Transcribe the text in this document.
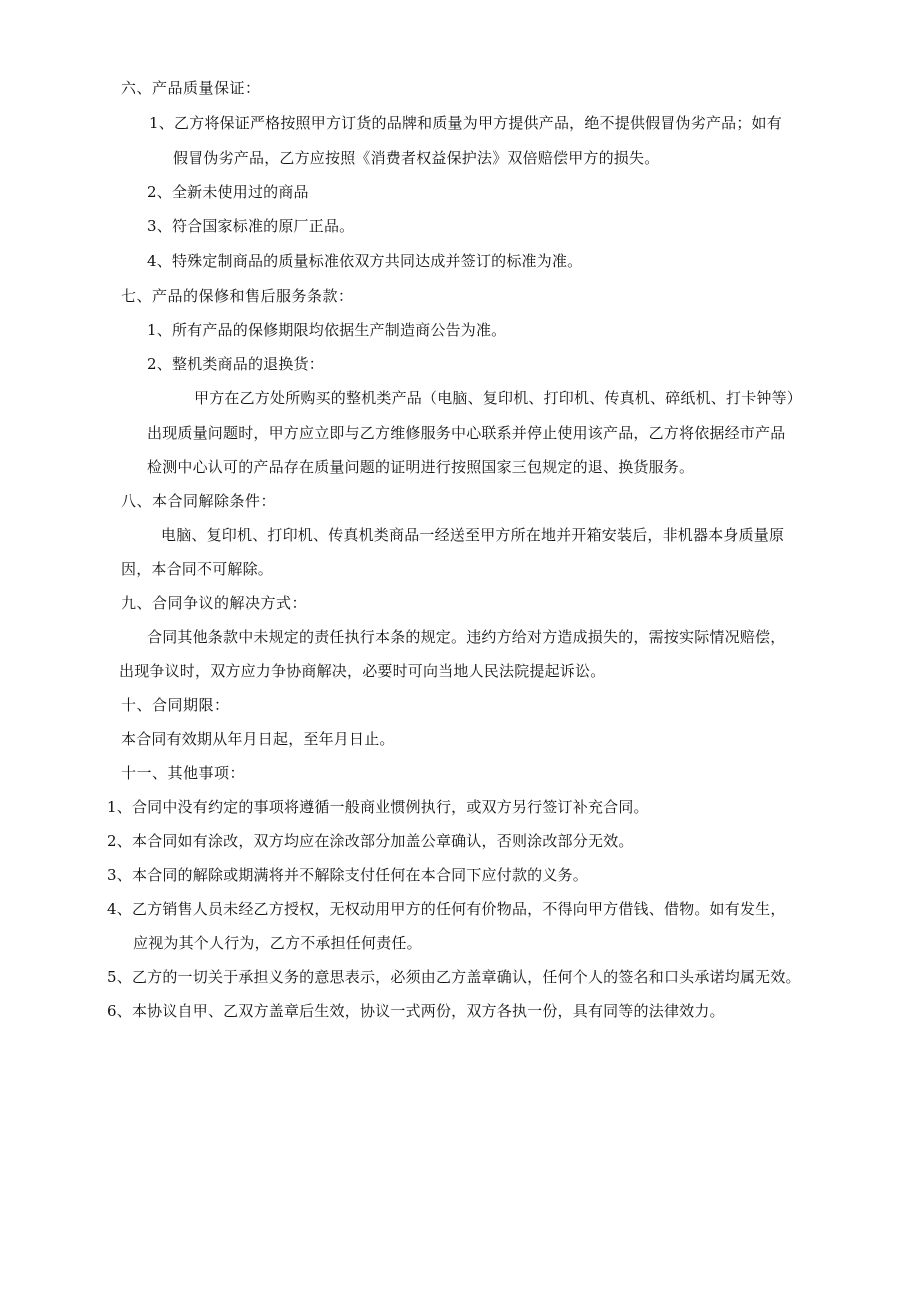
六、产品质量保证：
1、乙方将保证严格按照甲方订货的品牌和质量为甲方提供产品，绝不提供假冒伪劣产品；如有
假冒伪劣产品，乙方应按照《消费者权益保护法》双倍赔偿甲方的损失。
2、全新未使用过的商品
3、符合国家标准的原厂正品。
4、特殊定制商品的质量标准依双方共同达成并签订的标准为准。
七、产品的保修和售后服务条款：
1、所有产品的保修期限均依据生产制造商公告为准。
2、整机类商品的退换货：
甲方在乙方处所购买的整机类产品（电脑、复印机、打印机、传真机、碎纸机、打卡钟等）
出现质量问题时，甲方应立即与乙方维修服务中心联系并停止使用该产品，乙方将依据经市产品
检测中心认可的产品存在质量问题的证明进行按照国家三包规定的退、换货服务。
八、本合同解除条件：
电脑、复印机、打印机、传真机类商品一经送至甲方所在地并开箱安装后，非机器本身质量原
因，本合同不可解除。
九、合同争议的解决方式：
合同其他条款中未规定的责任执行本条的规定。违约方给对方造成损失的，需按实际情况赔偿，
出现争议时，双方应力争协商解决，必要时可向当地人民法院提起诉讼。
十、合同期限：
本合同有效期从年月日起，至年月日止。
十一、其他事项：
1、合同中没有约定的事项将遵循一般商业惯例执行，或双方另行签订补充合同。
2、本合同如有涂改，双方均应在涂改部分加盖公章确认，否则涂改部分无效。
3、本合同的解除或期满将并不解除支付任何在本合同下应付款的义务。
4、乙方销售人员未经乙方授权，无权动用甲方的任何有价物品，不得向甲方借钱、借物。如有发生，
应视为其个人行为，乙方不承担任何责任。
5、乙方的一切关于承担义务的意思表示，必须由乙方盖章确认，任何个人的签名和口头承诺均属无效。
6、本协议自甲、乙双方盖章后生效，协议一式两份，双方各执一份，具有同等的法律效力。
